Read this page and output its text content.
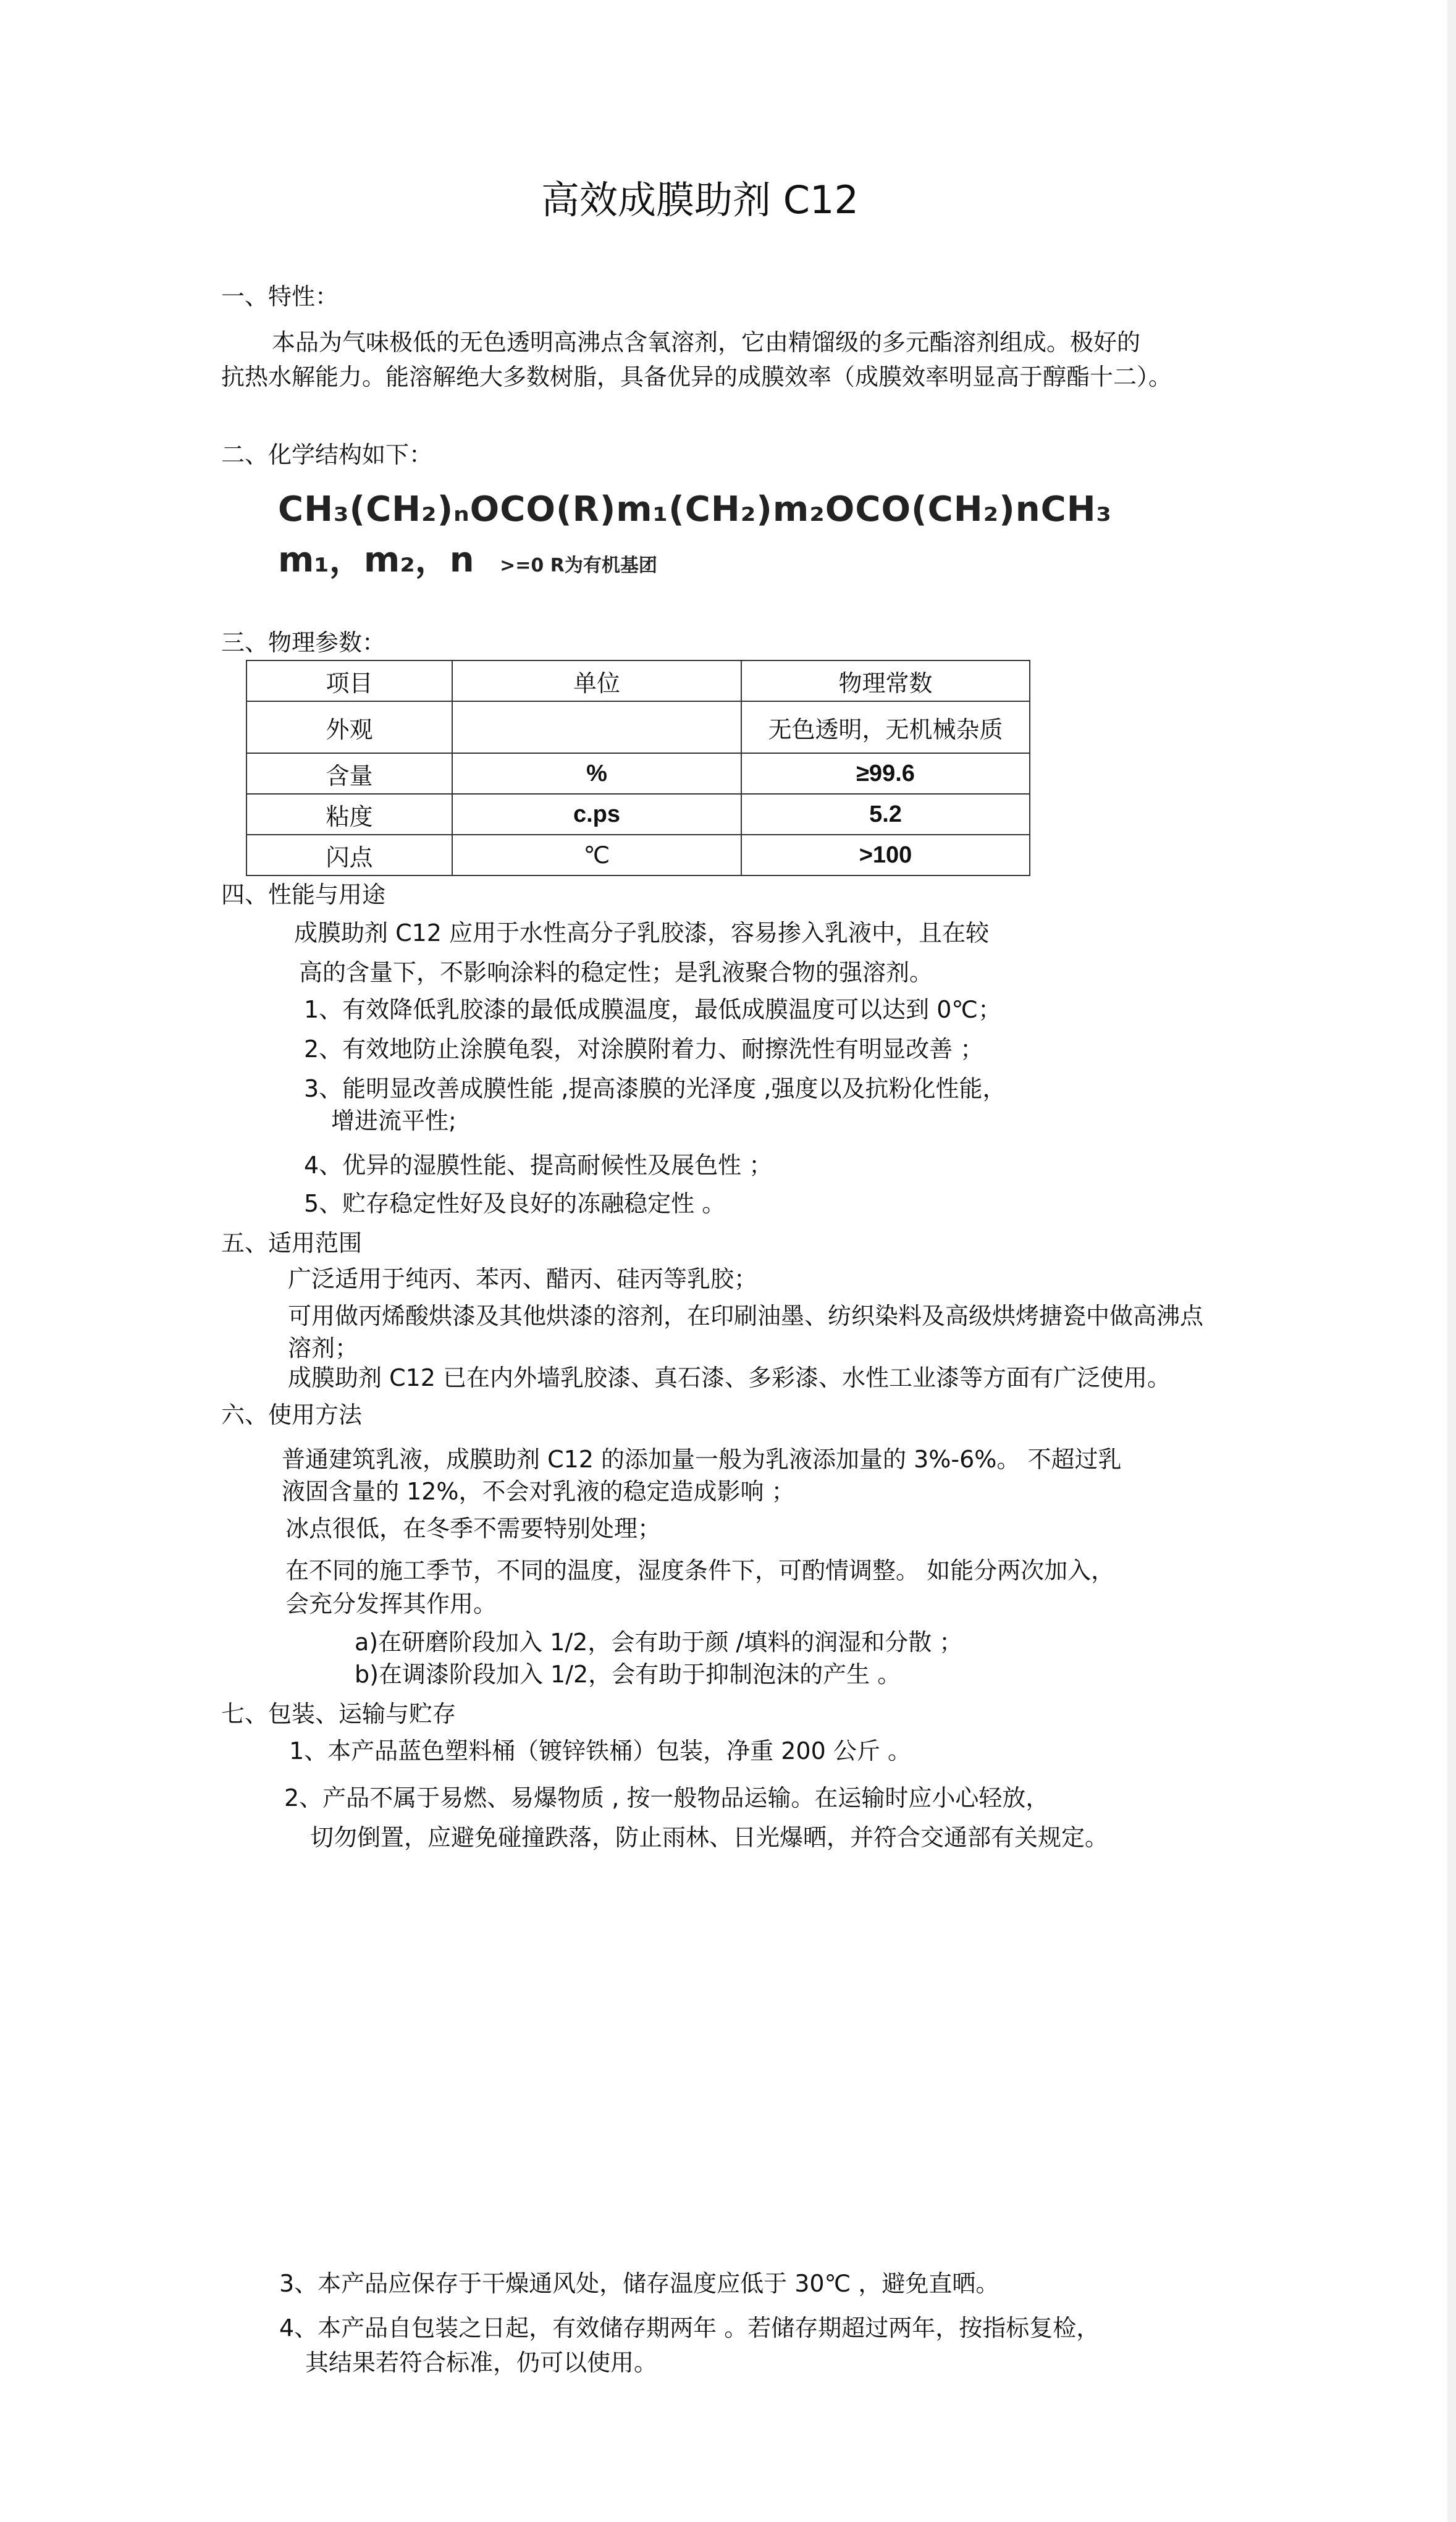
高效成膜助剂 C12
一、特性：
本品为气味极低的无色透明高沸点含氧溶剂，它由精馏级的多元酯溶剂组成。极好的
抗热水解能力。能溶解绝大多数树脂，具备优异的成膜效率（成膜效率明显高于醇酯十二）。
二、化学结构如下：
CH₃(CH₂)ₙOCO(R)m₁(CH₂)m₂OCO(CH₂)nCH₃
m₁，m₂，n >=0 R为有机基团
三、物理参数：
项目	单位	物理常数
外观		无色透明，无机械杂质
含量	%	≥99.6
粘度	c.ps	5.2
闪点	℃	>100
四、性能与用途
成膜助剂 C12 应用于水性高分子乳胶漆，容易掺入乳液中，且在较
高的含量下，不影响涂料的稳定性；是乳液聚合物的强溶剂。
1、有效降低乳胶漆的最低成膜温度，最低成膜温度可以达到 0℃；
2、有效地防止涂膜龟裂，对涂膜附着力、耐擦洗性有明显改善 ；
3、能明显改善成膜性能 ,提高漆膜的光泽度 ,强度以及抗粉化性能，
增进流平性;
4、优异的湿膜性能、提高耐候性及展色性 ；
5、贮存稳定性好及良好的冻融稳定性 。
五、适用范围
广泛适用于纯丙、苯丙、醋丙、硅丙等乳胶；
可用做丙烯酸烘漆及其他烘漆的溶剂，在印刷油墨、纺织染料及高级烘烤搪瓷中做高沸点
溶剂；
成膜助剂 C12 已在内外墙乳胶漆、真石漆、多彩漆、水性工业漆等方面有广泛使用。
六、使用方法
普通建筑乳液，成膜助剂 C12 的添加量一般为乳液添加量的 3%-6%。 不超过乳
液固含量的 12%，不会对乳液的稳定造成影响 ；
冰点很低，在冬季不需要特别处理；
在不同的施工季节，不同的温度，湿度条件下，可酌情调整。 如能分两次加入，
会充分发挥其作用。
a)在研磨阶段加入 1/2，会有助于颜 /填料的润湿和分散 ；
b)在调漆阶段加入 1/2，会有助于抑制泡沫的产生 。
七、包装、运输与贮存
1、本产品蓝色塑料桶（镀锌铁桶）包装，净重 200 公斤 。
2、产品不属于易燃、易爆物质 , 按一般物品运输。在运输时应小心轻放，
切勿倒置，应避免碰撞跌落，防止雨林、日光爆晒，并符合交通部有关规定。
3、本产品应保存于干燥通风处，储存温度应低于 30℃ ，避免直晒。
4、本产品自包装之日起，有效储存期两年 。若储存期超过两年，按指标复检，
其结果若符合标准，仍可以使用。
